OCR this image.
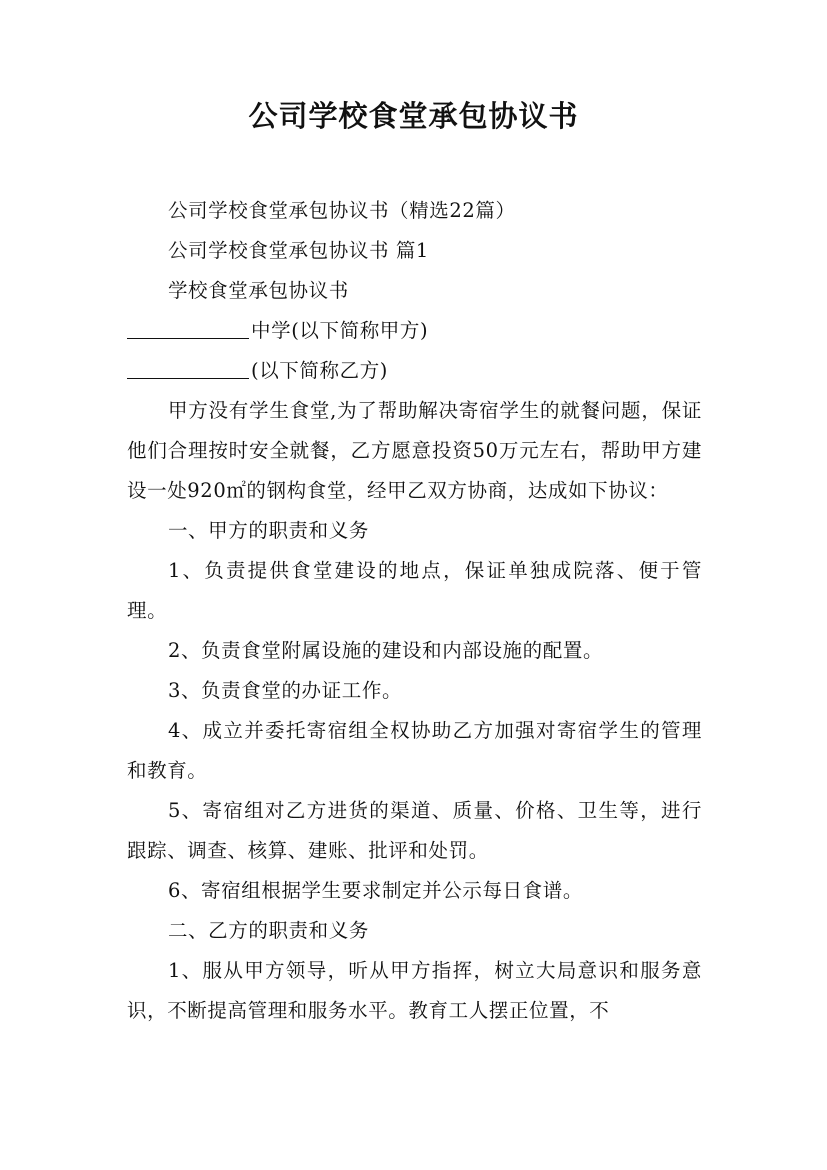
公司学校食堂承包协议书

公司学校食堂承包协议书（精选22篇）

公司学校食堂承包协议书 篇1

学校食堂承包协议书

中学(以下简称甲方)

(以下简称乙方)

甲方没有学生食堂,为了帮助解决寄宿学生的就餐问题，保证他们合理按时安全就餐，乙方愿意投资50万元左右，帮助甲方建设一处920㎡的钢构食堂，经甲乙双方协商，达成如下协议：

一、甲方的职责和义务

1、负责提供食堂建设的地点，保证单独成院落、便于管理。

2、负责食堂附属设施的建设和内部设施的配置。

3、负责食堂的办证工作。

4、成立并委托寄宿组全权协助乙方加强对寄宿学生的管理和教育。

5、寄宿组对乙方进货的渠道、质量、价格、卫生等，进行跟踪、调查、核算、建账、批评和处罚。

6、寄宿组根据学生要求制定并公示每日食谱。

二、乙方的职责和义务

1、服从甲方领导，听从甲方指挥，树立大局意识和服务意识，不断提高管理和服务水平。教育工人摆正位置，不
